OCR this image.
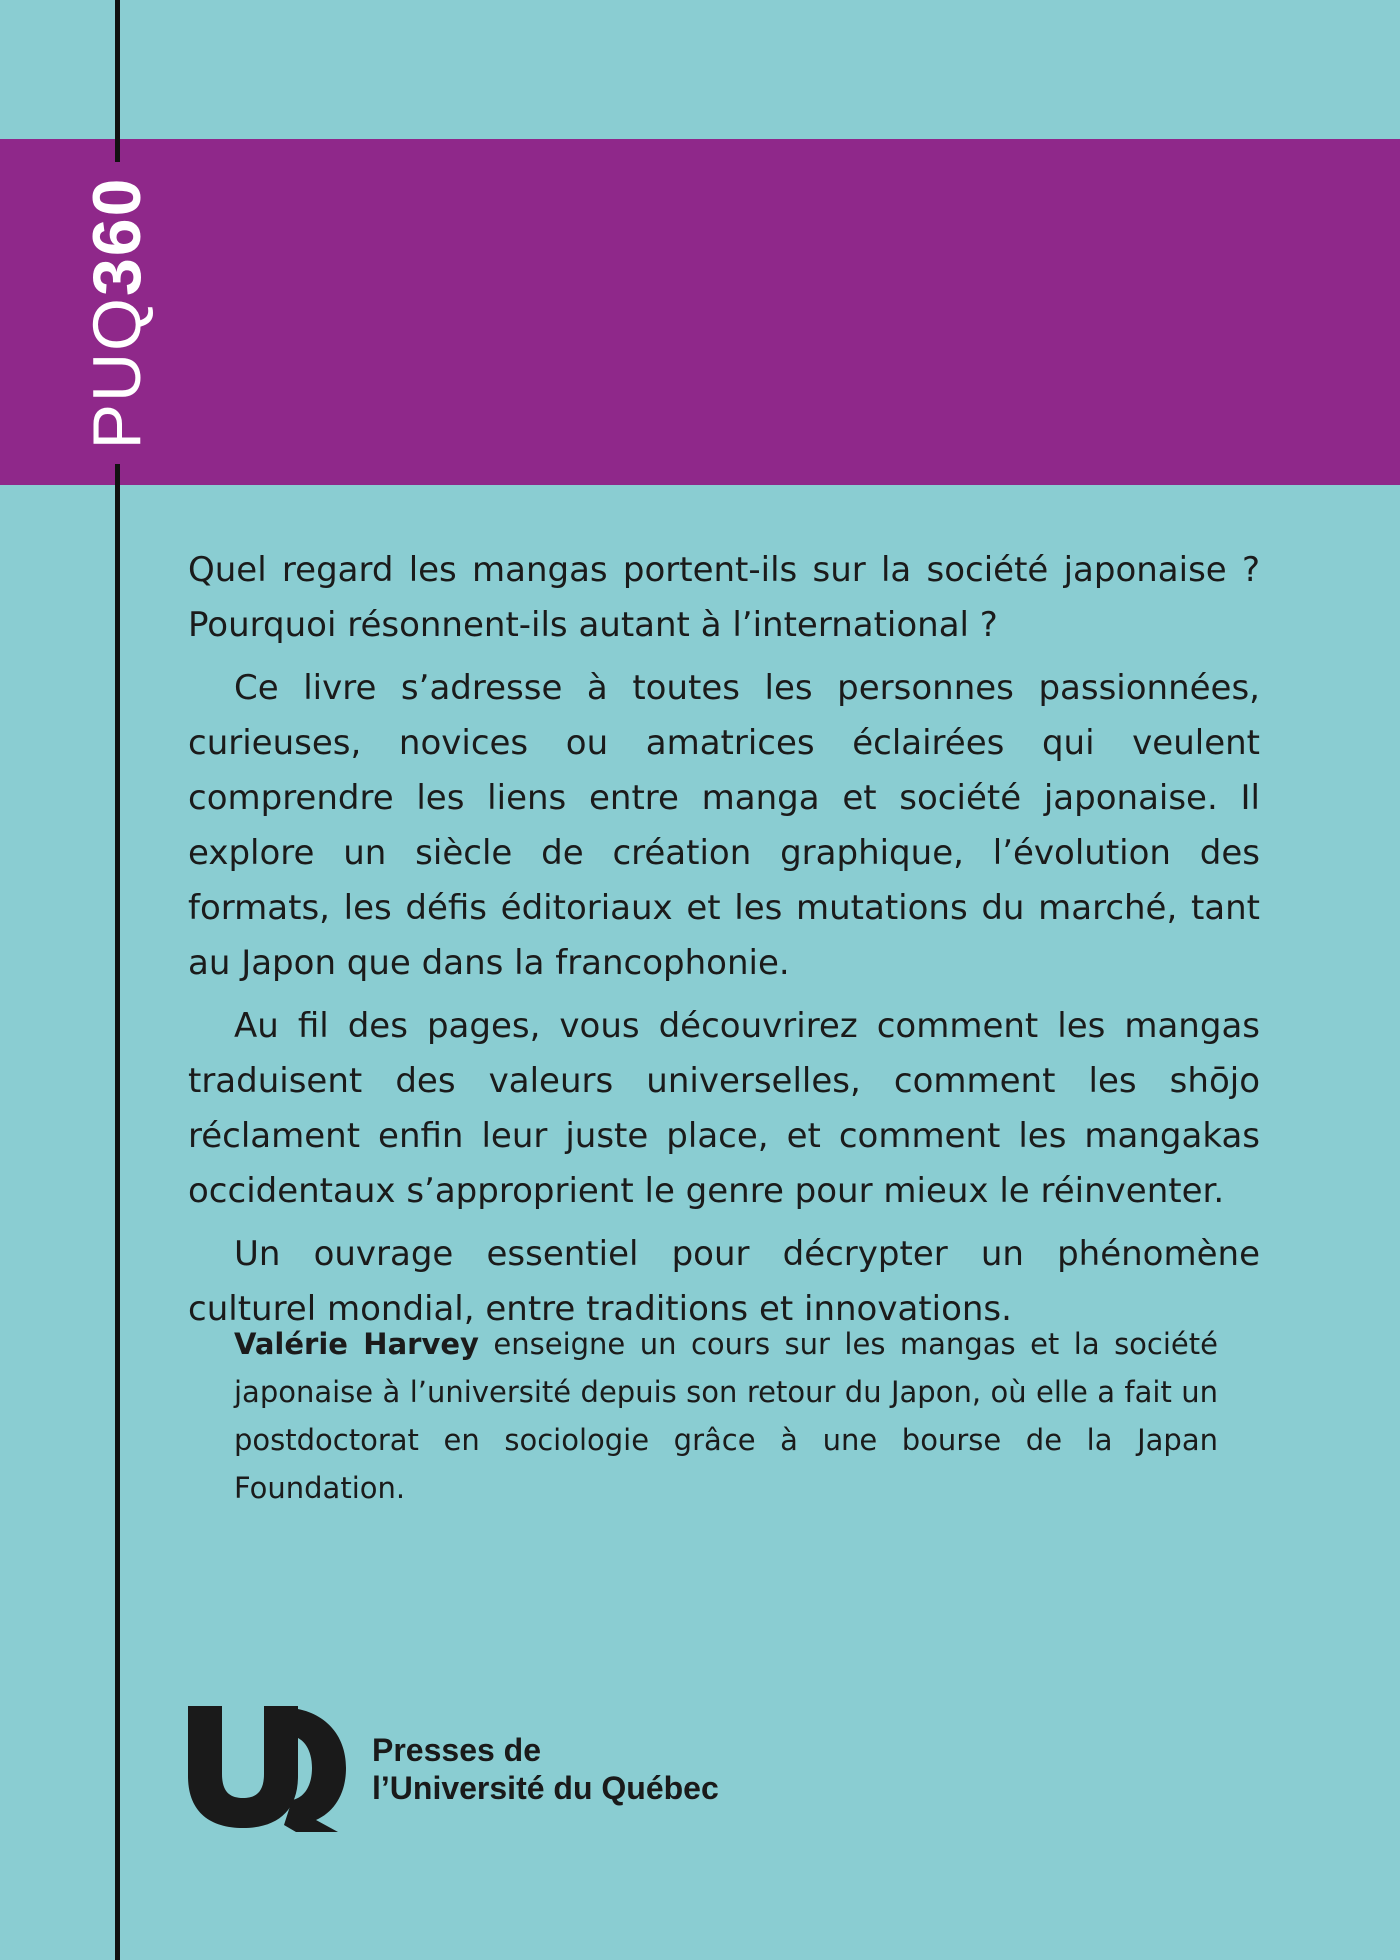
PUQ360

Quel regard les mangas portent-ils sur la société japonaise ? Pourquoi résonnent-ils autant à l’international ?

Ce livre s’adresse à toutes les personnes passionnées, curieuses, novices ou amatrices éclairées qui veulent comprendre les liens entre manga et société japonaise. Il explore un siècle de création graphique, l’évolution des formats, les défis éditoriaux et les mutations du marché, tant au Japon que dans la francophonie.

Au fil des pages, vous découvrirez comment les mangas traduisent des valeurs universelles, comment les shōjo réclament enfin leur juste place, et comment les mangakas occidentaux s’approprient le genre pour mieux le réinventer.

Un ouvrage essentiel pour décrypter un phénomène culturel mondial, entre traditions et innovations.

Valérie Harvey enseigne un cours sur les mangas et la société japonaise à l’université depuis son retour du Japon, où elle a fait un postdoctorat en sociologie grâce à une bourse de la Japan Foundation.
Presses de
l’Université du Québec
